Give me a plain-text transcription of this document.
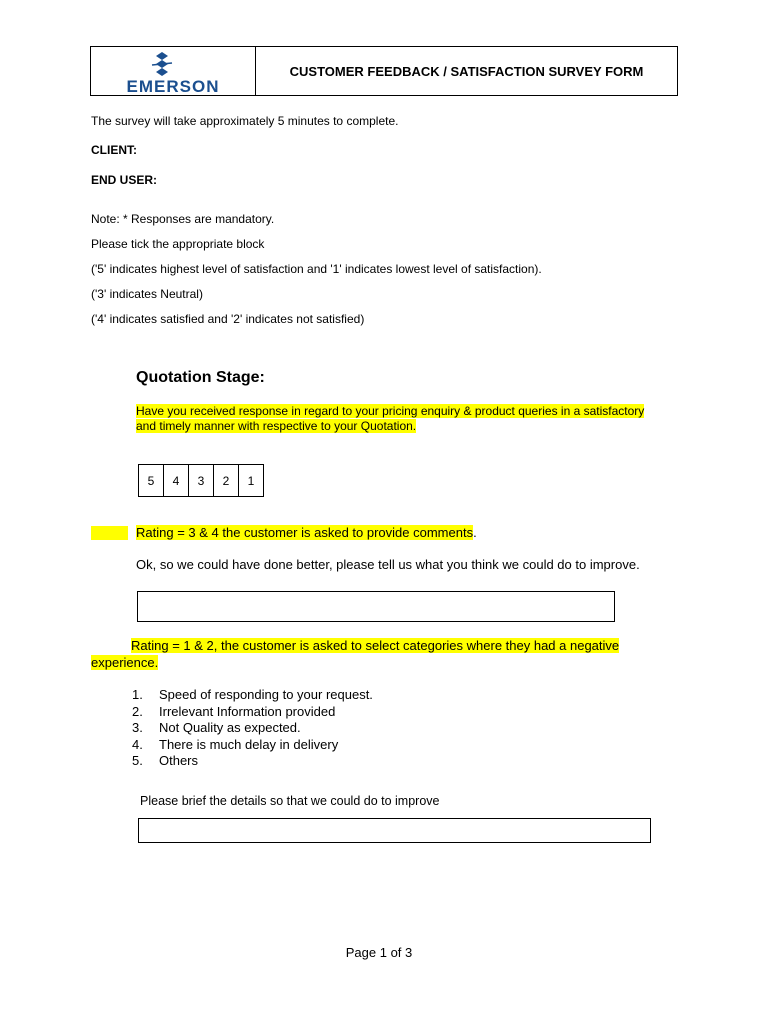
EMERSON
CUSTOMER FEEDBACK / SATISFACTION SURVEY FORM
The survey will take approximately 5 minutes to complete.
CLIENT:
END USER:
Note: * Responses are mandatory.
Please tick the appropriate block
('5' indicates highest level of satisfaction and '1' indicates lowest level of satisfaction).
('3' indicates Neutral)
('4' indicates satisfied and '2' indicates not satisfied)
Quotation Stage:
Have you received response in regard to your pricing enquiry & product queries in a satisfactory
and timely manner with respective to your Quotation.
5	4	3	2	1
Rating = 3 & 4 the customer is asked to provide comments.
Ok, so we could have done better, please tell us what you think we could do to improve.
Rating = 1 & 2, the customer is asked to select categories where they had a negative
experience.
1. Speed of responding to your request.
2. Irrelevant Information provided
3. Not Quality as expected.
4. There is much delay in delivery
5. Others
Please brief the details so that we could do to improve
Page 1 of 3
